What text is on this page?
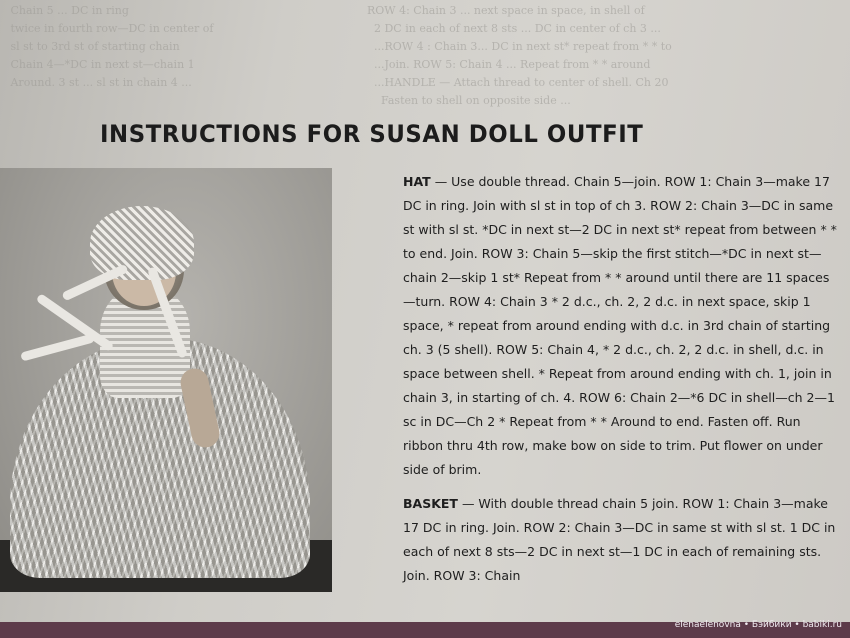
ROW 4: Chain 3 ... next space in space, in shell of
2 DC in each of next 8 sts ... DC in center of ch 3 ...
...ROW 4 : Chain 3... DC in next st* repeat from * * to
...Join. ROW 5: Chain 4 ... Repeat from * * around
...HANDLE — Attach thread to center of shell. Ch 20
Fasten to shell on opposite side ...
Chain 5 ... DC in ring
twice in fourth row—DC in center of
sl st to 3rd st of starting chain
Chain 4—*DC in next st—chain 1
Around. 3 st ... sl st in chain 4 ...
INSTRUCTIONS FOR SUSAN DOLL OUTFIT

HAT — Use double thread. Chain 5—join. ROW 1: Chain 3—make 17 DC in ring. Join with sl st in top of ch 3. ROW 2: Chain 3—DC in same st with sl st. *DC in next st—2 DC in next st* repeat from between * * to end. Join. ROW 3: Chain 5—skip the first stitch—*DC in next st—chain 2—skip 1 st* Repeat from * * around until there are 11 spaces —turn. ROW 4: Chain 3 * 2 d.c., ch. 2, 2 d.c. in next space, skip 1 space, * repeat from around ending with d.c. in 3rd chain of starting ch. 3 (5 shell). ROW 5: Chain 4, * 2 d.c., ch. 2, 2 d.c. in shell, d.c. in space between shell. * Repeat from around ending with ch. 1, join in chain 3, in starting of ch. 4. ROW 6: Chain 2—*6 DC in shell—ch 2—1 sc in DC—Ch 2 * Repeat from * * Around to end. Fasten off. Run ribbon thru 4th row, make bow on side to trim. Put flower on under side of brim.

BASKET — With double thread chain 5 join. ROW 1: Chain 3—make 17 DC in ring. Join. ROW 2: Chain 3—DC in same st with sl st. 1 DC in each of next 8 sts—2 DC in next st—1 DC in each of remaining sts. Join. ROW 3: Chain

elenaelenovna • Бэйбики • babiki.ru
